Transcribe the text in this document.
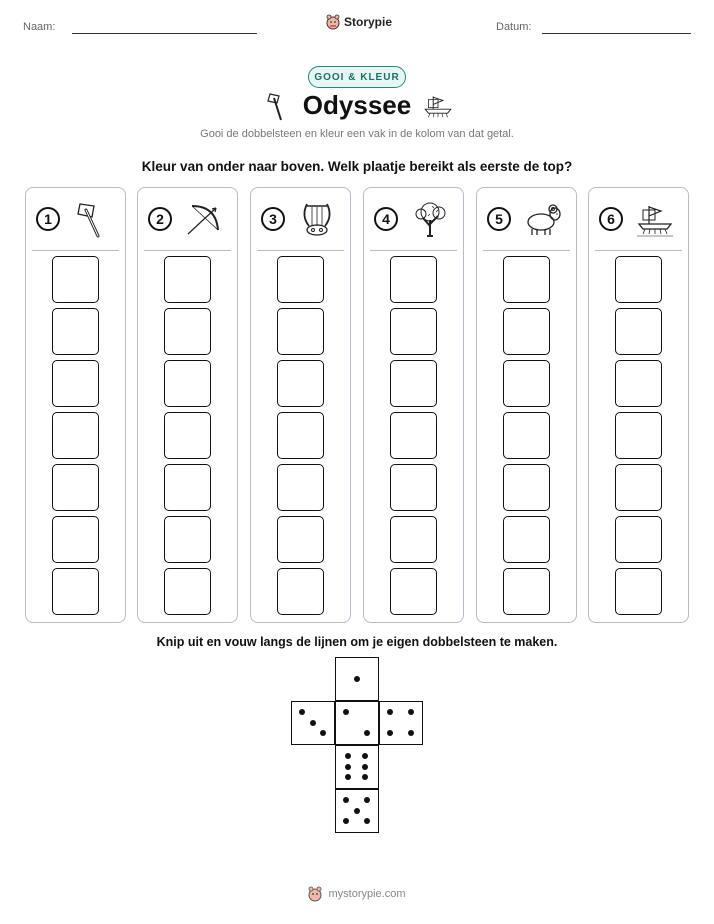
Naam:	Storypie	Datum:
GOOI & KLEUR
Odyssee
Gooi de dobbelsteen en kleur een vak in de kolom van dat getal.
Kleur van onder naar boven. Welk plaatje bereikt als eerste de top?
1	2	3	4	5	6
Knip uit en vouw langs de lijnen om je eigen dobbelsteen te maken.
mystorypie.com
